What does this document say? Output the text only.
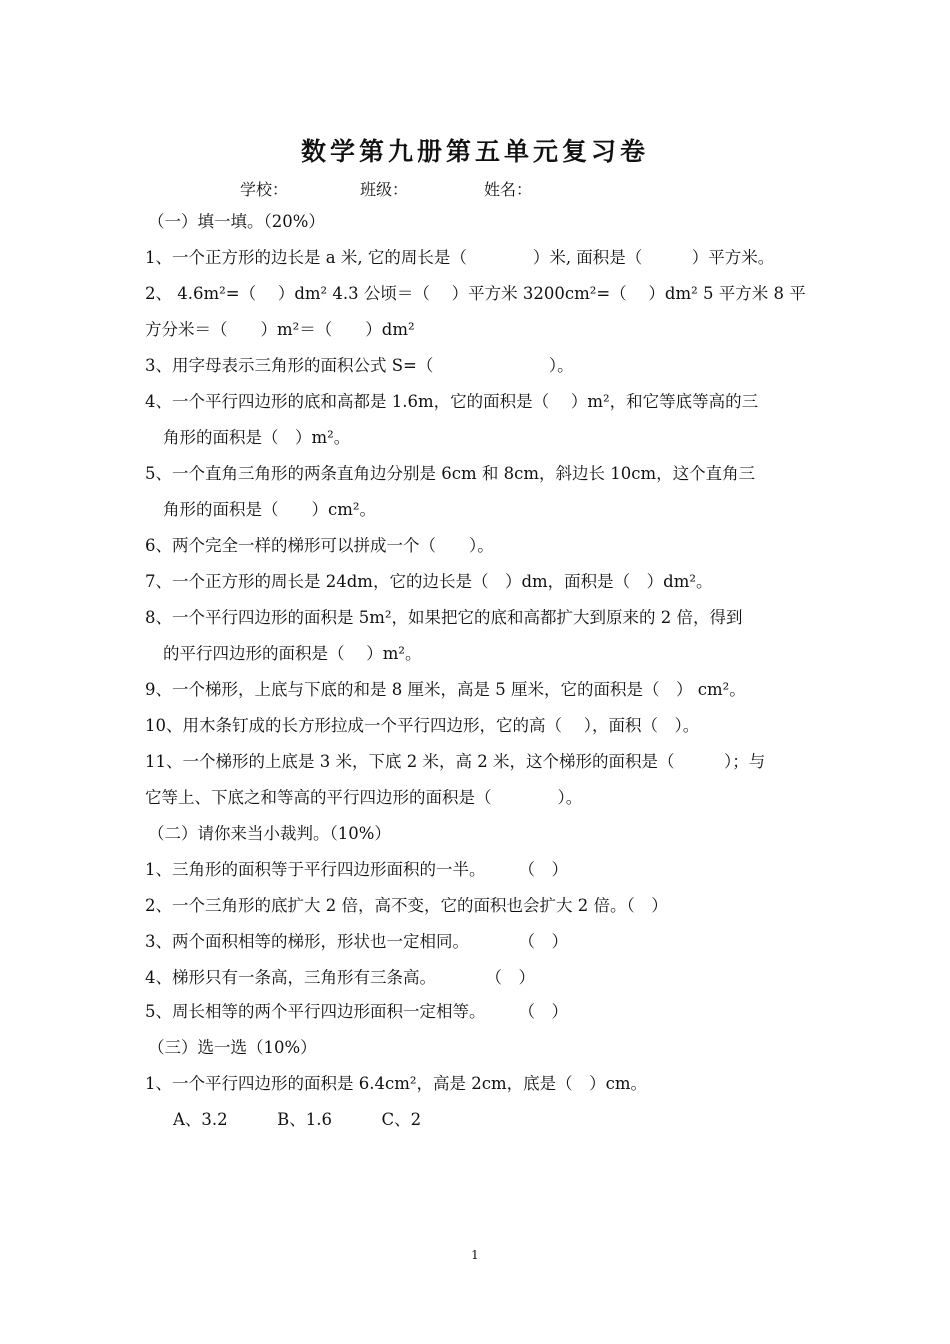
数学第九册第五单元复习卷
学校：	班级：	姓名：
（一）填一填。（20%）
1、一个正方形的边长是 a 米, 它的周长是（　　　　）米, 面积是（　　　）平方米。
2、 4.6m²=（　 ）dm² 4.3 公顷＝（　 ）平方米 3200cm²=（　 ）dm² 5 平方米 8 平
方分米＝（　　）m²＝（　　）dm²
3、用字母表示三角形的面积公式 S=（　　　　　　　）。
4、一个平行四边形的底和高都是 1.6m，它的面积是（　 ）m²，和它等底等高的三
角形的面积是（　）m²。
5、一个直角三角形的两条直角边分别是 6cm 和 8cm，斜边长 10cm，这个直角三
角形的面积是（　　）cm²。
6、两个完全一样的梯形可以拼成一个（　　）。
7、一个正方形的周长是 24dm，它的边长是（　）dm，面积是（　）dm²。
8、一个平行四边形的面积是 5m²，如果把它的底和高都扩大到原来的 2 倍，得到
的平行四边形的面积是（　 ）m²。
9、一个梯形，上底与下底的和是 8 厘米，高是 5 厘米，它的面积是（　） cm²。
10、用木条钉成的长方形拉成一个平行四边形，它的高（　 ），面积（　）。
11、一个梯形的上底是 3 米，下底 2 米，高 2 米，这个梯形的面积是（　　　）；与
它等上、下底之和等高的平行四边形的面积是（　　　　）。
（二）请你来当小裁判。（10%）
1、三角形的面积等于平行四边形面积的一半。　　　（　）
2、一个三角形的底扩大 2 倍，高不变，它的面积也会扩大 2 倍。（　）
3、两个面积相等的梯形，形状也一定相同。　　　　（　）
4、梯形只有一条高，三角形有三条高。　　　　（　）
5、周长相等的两个平行四边形面积一定相等。　　　（　）
（三）选一选（10%）
1、一个平行四边形的面积是 6.4cm²，高是 2cm，底是（　）cm。
A、3.2　　　B、1.6　　　C、2
1
